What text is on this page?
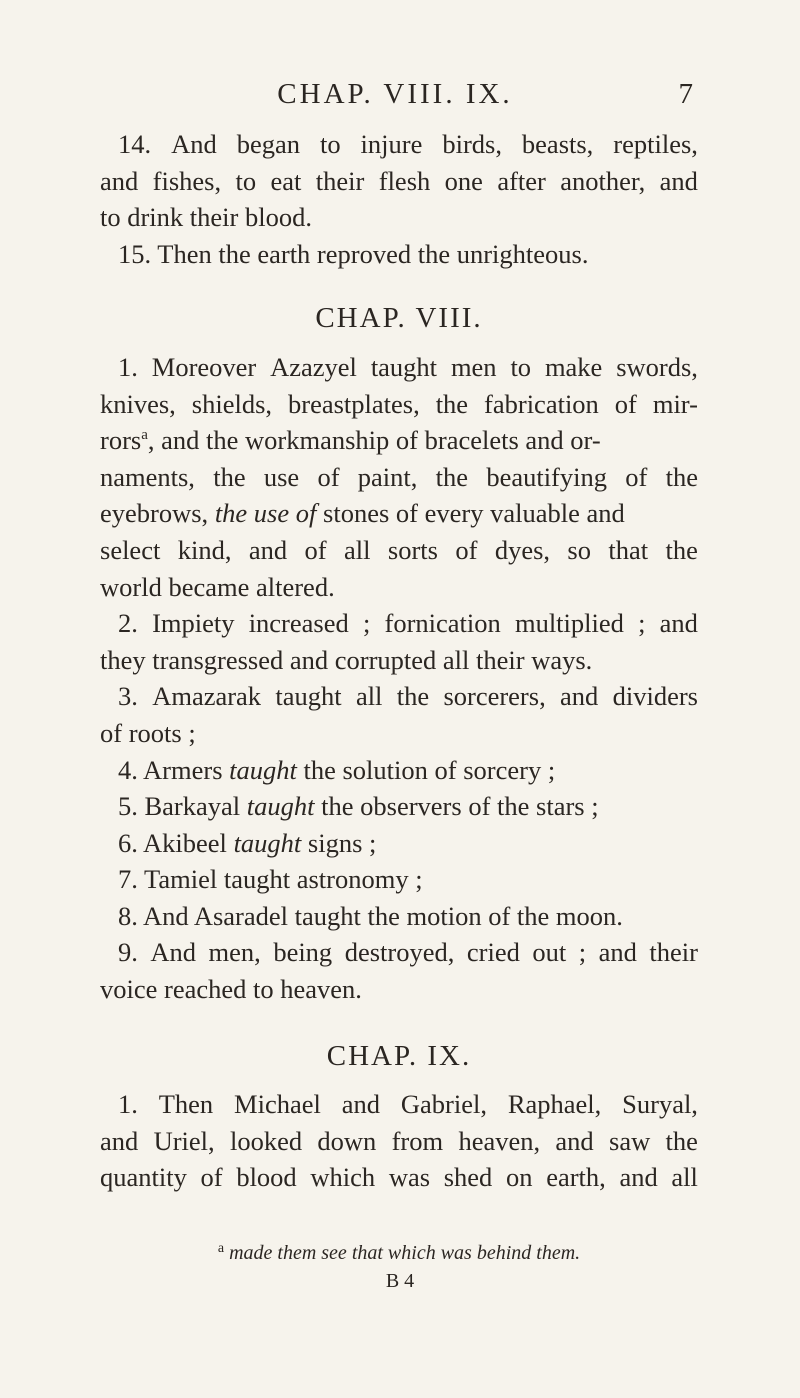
CHAP. VIII. IX.	7
14. And began to injure birds, beasts, reptiles,
and fishes, to eat their flesh one after another, and
to drink their blood.
15. Then the earth reproved the unrighteous.
CHAP. VIII.
1. Moreover Azazyel taught men to make swords,
knives, shields, breastplates, the fabrication of mir-
rors$^a$, and the workmanship of bracelets and or-
naments, the use of paint, the beautifying of the
eyebrows, the use of stones of every valuable and
select kind, and of all sorts of dyes, so that the
world became altered.
2. Impiety increased ; fornication multiplied ; and
they transgressed and corrupted all their ways.
3. Amazarak taught all the sorcerers, and dividers
of roots ;
4. Armers taught the solution of sorcery ;
5. Barkayal taught the observers of the stars ;
6. Akibeel taught signs ;
7. Tamiel taught astronomy ;
8. And Asaradel taught the motion of the moon.
9. And men, being destroyed, cried out ; and their
voice reached to heaven.
CHAP. IX.
1. Then Michael and Gabriel, Raphael, Suryal,
and Uriel, looked down from heaven, and saw the
quantity of blood which was shed on earth, and all
$^a$ made them see that which was behind them.
B 4
